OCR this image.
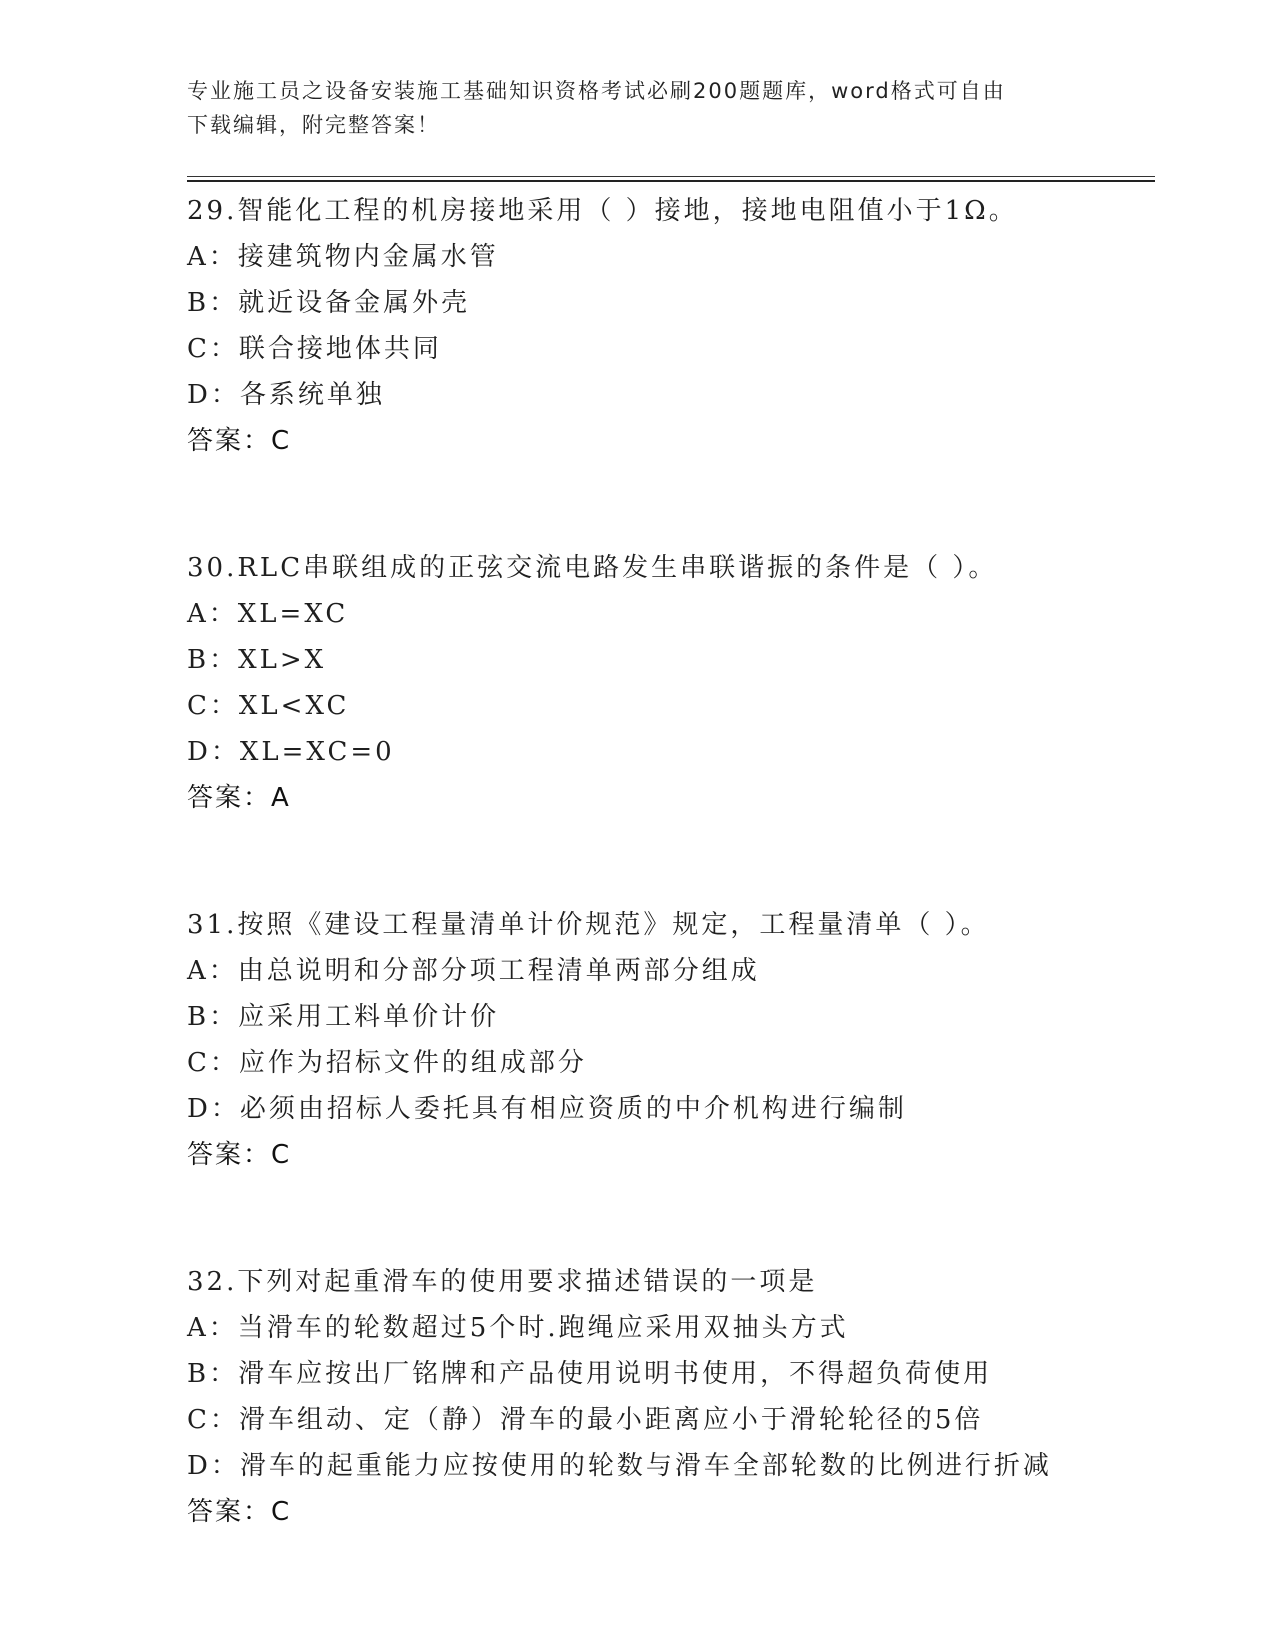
专业施工员之设备安装施工基础知识资格考试必刷200题题库，word格式可自由
下载编辑，附完整答案！
29.智能化工程的机房接地采用（ ）接地，接地电阻值小于1Ω。
A：接建筑物内金属水管
B：就近设备金属外壳
C：联合接地体共同
D：各系统单独
答案：C
30.RLC串联组成的正弦交流电路发生串联谐振的条件是（ ）。
A：XL=XC
B：XL>X
C：XL<XC
D：XL=XC=0
答案：A
31.按照《建设工程量清单计价规范》规定，工程量清单（ ）。
A：由总说明和分部分项工程清单两部分组成
B：应采用工料单价计价
C：应作为招标文件的组成部分
D：必须由招标人委托具有相应资质的中介机构进行编制
答案：C
32.下列对起重滑车的使用要求描述错误的一项是
A：当滑车的轮数超过5个时.跑绳应采用双抽头方式
B：滑车应按出厂铭牌和产品使用说明书使用，不得超负荷使用
C：滑车组动、定（静）滑车的最小距离应小于滑轮轮径的5倍
D：滑车的起重能力应按使用的轮数与滑车全部轮数的比例进行折减
答案：C
